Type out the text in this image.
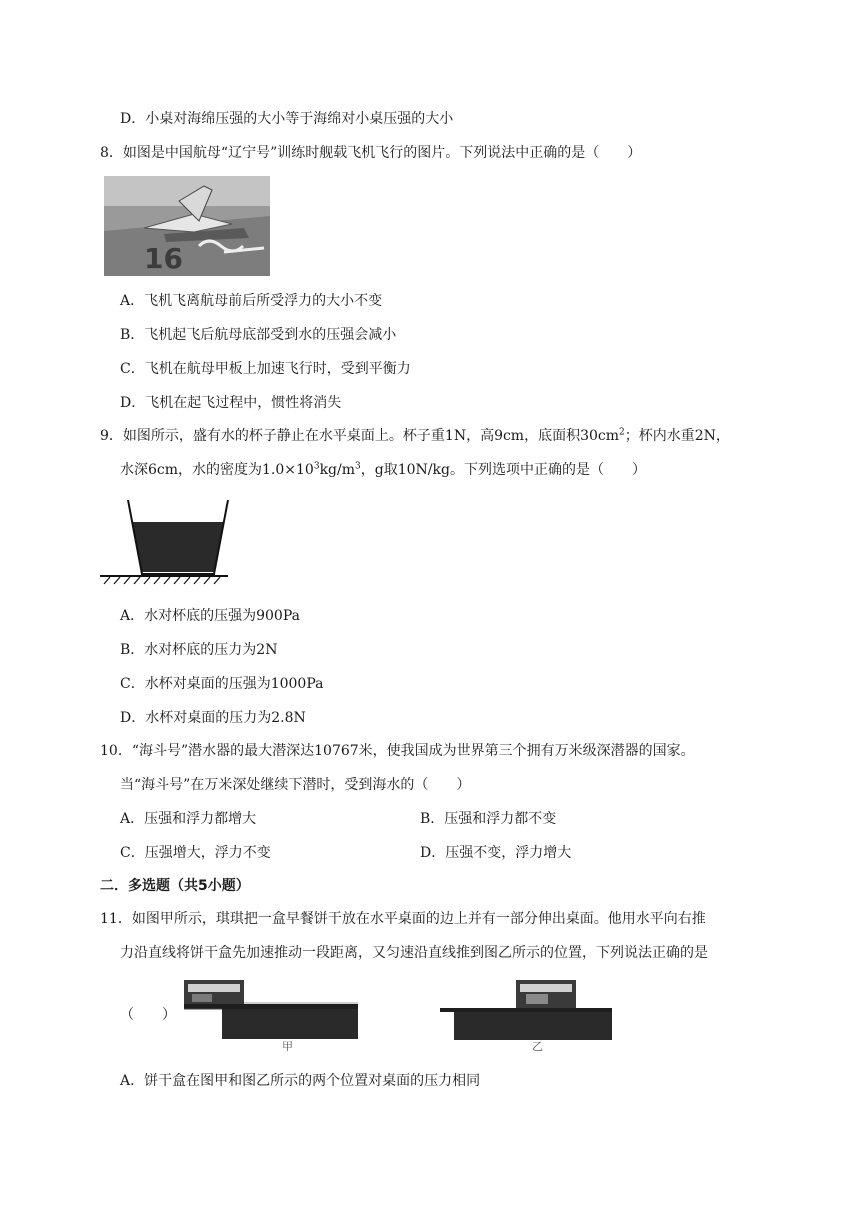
D．小桌对海绵压强的大小等于海绵对小桌压强的大小
8．如图是中国航母“辽宁号”训练时舰载飞机飞行的图片。下列说法中正确的是（　　）
16
A．飞机飞离航母前后所受浮力的大小不变
B．飞机起飞后航母底部受到水的压强会减小
C．飞机在航母甲板上加速飞行时，受到平衡力
D．飞机在起飞过程中，惯性将消失
9．如图所示，盛有水的杯子静止在水平桌面上。杯子重1N，高9cm，底面积$30cm^2$；杯内水重2N，
水深6cm，水的密度为$1.0\times 10^3kg/m^3$，g取10N/kg。下列选项中正确的是（　　）
A．水对杯底的压强为900Pa
B．水对杯底的压力为2N
C．水杯对桌面的压强为1000Pa
D．水杯对桌面的压力为2.8N
10．“海斗号”潜水器的最大潜深达10767米，使我国成为世界第三个拥有万米级深潜器的国家。
当“海斗号”在万米深处继续下潜时，受到海水的（　　）
A．压强和浮力都增大	B．压强和浮力都不变
C．压强增大，浮力不变	D．压强不变，浮力增大
二．多选题（共5小题）
11．如图甲所示，琪琪把一盒早餐饼干放在水平桌面的边上并有一部分伸出桌面。他用水平向右推
力沿直线将饼干盒先加速推动一段距离，又匀速沿直线推到图乙所示的位置，下列说法正确的是
（　　）
甲	乙
A．饼干盒在图甲和图乙所示的两个位置对桌面的压力相同
